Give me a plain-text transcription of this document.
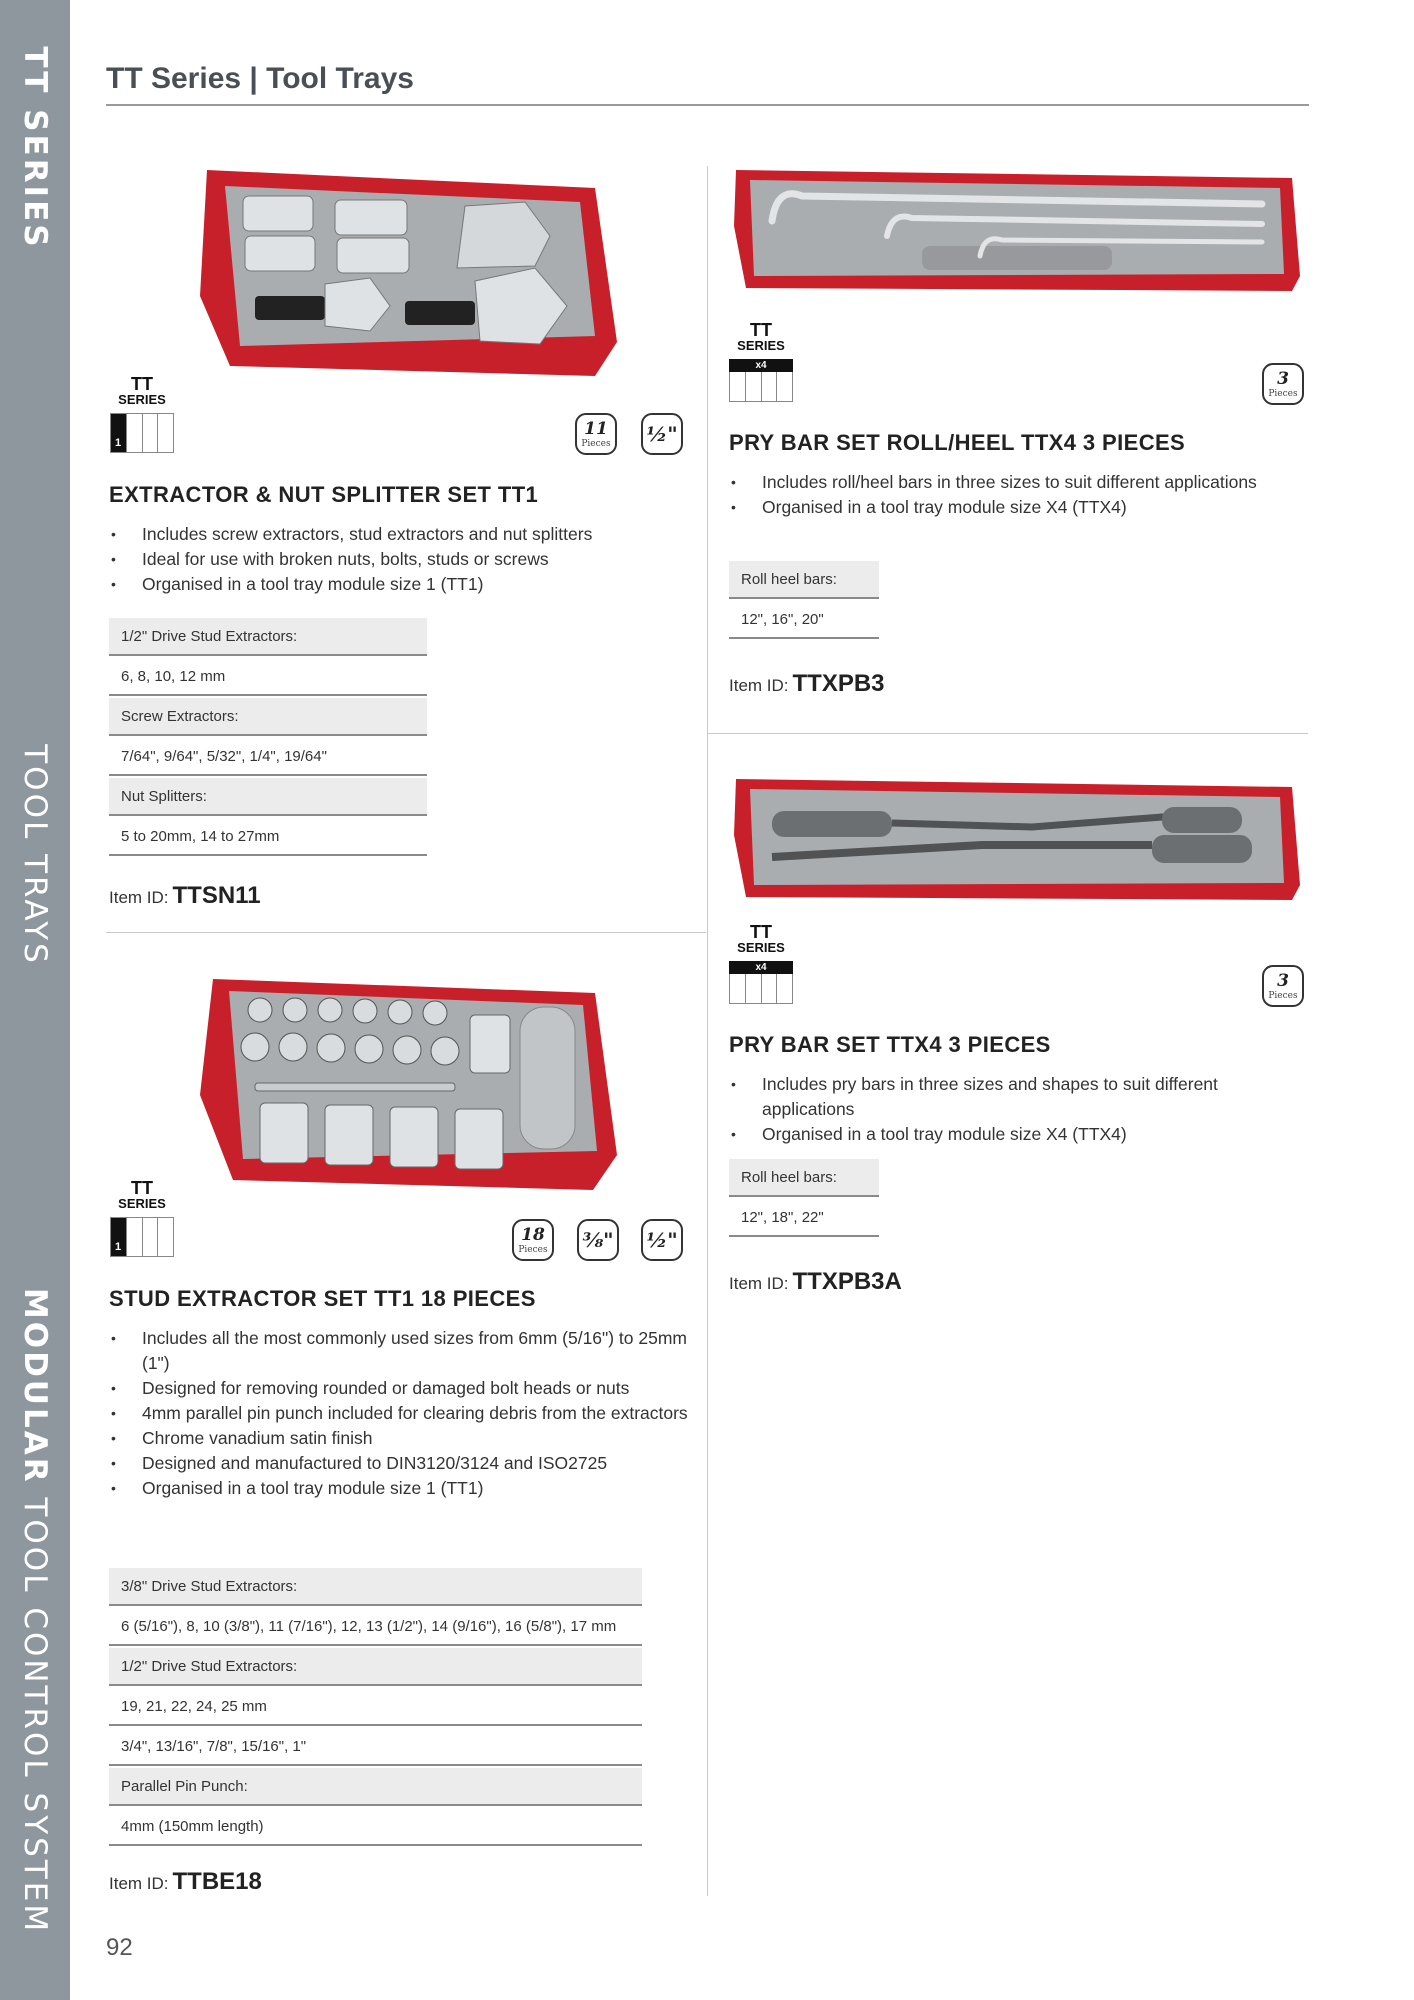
TT SERIES
TOOL TRAYS
MODULAR TOOL CONTROL SYSTEM
TT Series | Tool Trays
TT
SERIES
1
11
Pieces ½"
EXTRACTOR & NUT SPLITTER SET TT1
• Includes screw extractors, stud extractors and nut splitters
• Ideal for use with broken nuts, bolts, studs or screws
• Organised in a tool tray module size 1 (TT1)
1/2" Drive Stud Extractors:
6, 8, 10, 12 mm
Screw Extractors:
7/64", 9/64", 5/32", 1/4", 19/64"
Nut Splitters:
5 to 20mm, 14 to 27mm
Item ID: TTSN11
TT
SERIES
1
18
Pieces ⅜" ½"
STUD EXTRACTOR SET TT1 18 PIECES
• Includes all the most commonly used sizes from 6mm (5/16") to 25mm (1")
• Designed for removing rounded or damaged bolt heads or nuts
• 4mm parallel pin punch included for clearing debris from the extractors
• Chrome vanadium satin finish
• Designed and manufactured to DIN3120/3124 and ISO2725
• Organised in a tool tray module size 1 (TT1)
3/8" Drive Stud Extractors:
6 (5/16"), 8, 10 (3/8"), 11 (7/16"), 12, 13 (1/2"), 14 (9/16"), 16 (5/8"), 17 mm
1/2" Drive Stud Extractors:
19, 21, 22, 24, 25 mm
3/4", 13/16", 7/8", 15/16", 1"
Parallel Pin Punch:
4mm (150mm length)
Item ID: TTBE18
TT
SERIES
x4
3
Pieces
PRY BAR SET ROLL/HEEL TTX4 3 PIECES
• Includes roll/heel bars in three sizes to suit different applications
• Organised in a tool tray module size X4 (TTX4)
Roll heel bars:
12", 16", 20"
Item ID: TTXPB3
TT
SERIES
x4
3
Pieces
PRY BAR SET TTX4 3 PIECES
• Includes pry bars in three sizes and shapes to suit different applications
• Organised in a tool tray module size X4 (TTX4)
Roll heel bars:
12", 18", 22"
Item ID: TTXPB3A
92
